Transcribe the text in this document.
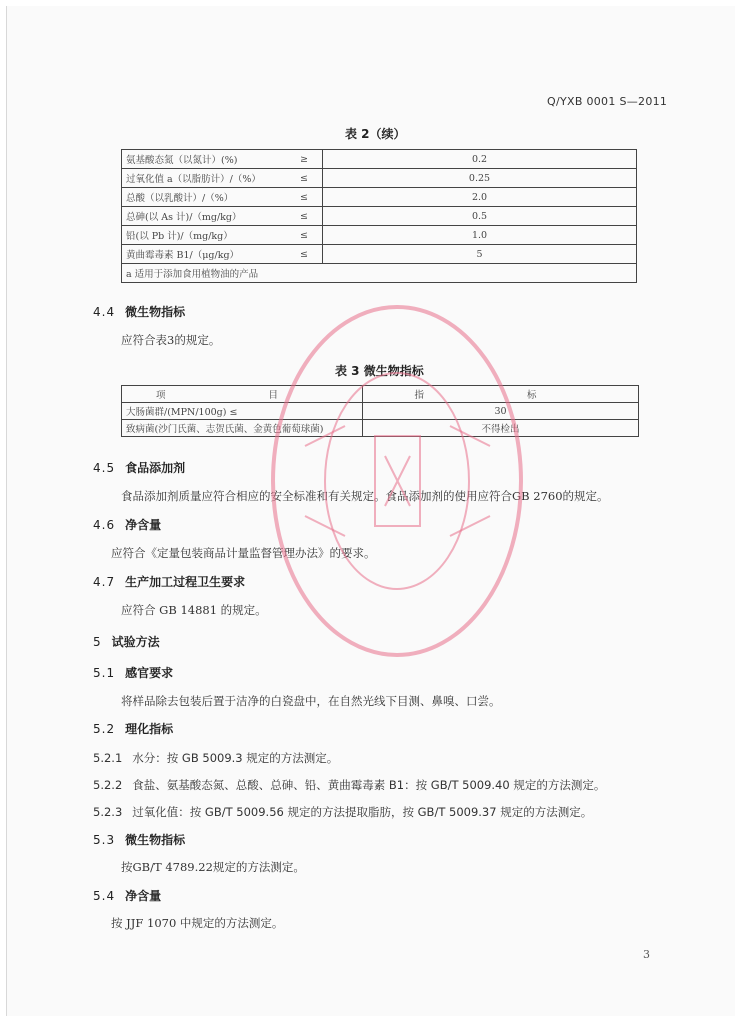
Q/YXB 0001 S—2011
表 2（续）
氨基酸态氮（以氮计）(%)	≥	0.2
过氧化值 a（以脂肪计）/（%）	≤	0.25
总酸（以乳酸计）/（%）	≤	2.0
总砷(以 As 计)/（mg/kg）	≤	0.5
铅(以 Pb 计)/（mg/kg）	≤	1.0
黄曲霉毒素 B1/（μg/kg）	≤	5
a 适用于添加食用植物油的产品		
4.4 微生物指标
应符合表3的规定。
表 3 微生物指标
项 目	指 标
大肠菌群/(MPN/100g) ≤	30
致病菌(沙门氏菌、志贺氏菌、金黄色葡萄球菌)	不得检出
4.5 食品添加剂
食品添加剂质量应符合相应的安全标准和有关规定。食品添加剂的使用应符合GB 2760的规定。
4.6 净含量
应符合《定量包装商品计量监督管理办法》的要求。
4.7 生产加工过程卫生要求
应符合 GB 14881 的规定。
5 试验方法
5.1 感官要求
将样品除去包装后置于洁净的白瓷盘中，在自然光线下目测、鼻嗅、口尝。
5.2 理化指标
5.2.1 水分：按 GB 5009.3 规定的方法测定。
5.2.2 食盐、氨基酸态氮、总酸、总砷、铅、黄曲霉毒素 B1：按 GB/T 5009.40 规定的方法测定。
5.2.3 过氧化值：按 GB/T 5009.56 规定的方法提取脂肪，按 GB/T 5009.37 规定的方法测定。
5.3 微生物指标
按GB/T 4789.22规定的方法测定。
5.4 净含量
按 JJF 1070 中规定的方法测定。
3
